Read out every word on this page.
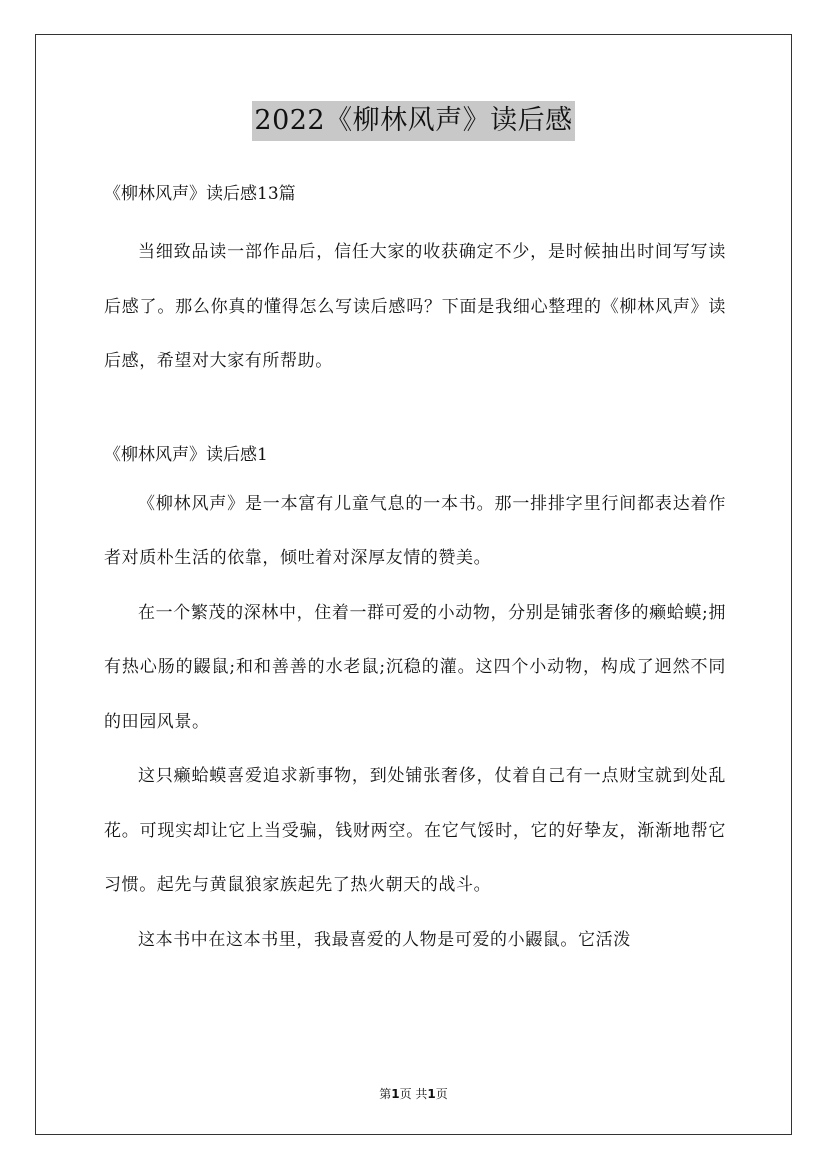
2022《柳林风声》读后感

《柳林风声》读后感13篇

当细致品读一部作品后，信任大家的收获确定不少，是时候抽出时间写写读后感了。那么你真的懂得怎么写读后感吗？下面是我细心整理的《柳林风声》读后感，希望对大家有所帮助。

《柳林风声》读后感1

《柳林风声》是一本富有儿童气息的一本书。那一排排字里行间都表达着作者对质朴生活的依靠，倾吐着对深厚友情的赞美。

在一个繁茂的深林中，住着一群可爱的小动物，分别是铺张奢侈的癞蛤蟆;拥有热心肠的鼹鼠;和和善善的水老鼠;沉稳的灌。这四个小动物，构成了迥然不同的田园风景。

这只癞蛤蟆喜爱追求新事物，到处铺张奢侈，仗着自己有一点财宝就到处乱花。可现实却让它上当受骗，钱财两空。在它气馁时，它的好挚友，渐渐地帮它习惯。起先与黄鼠狼家族起先了热火朝天的战斗。

这本书中在这本书里，我最喜爱的人物是可爱的小鼹鼠。它活泼

第1页 共1页
